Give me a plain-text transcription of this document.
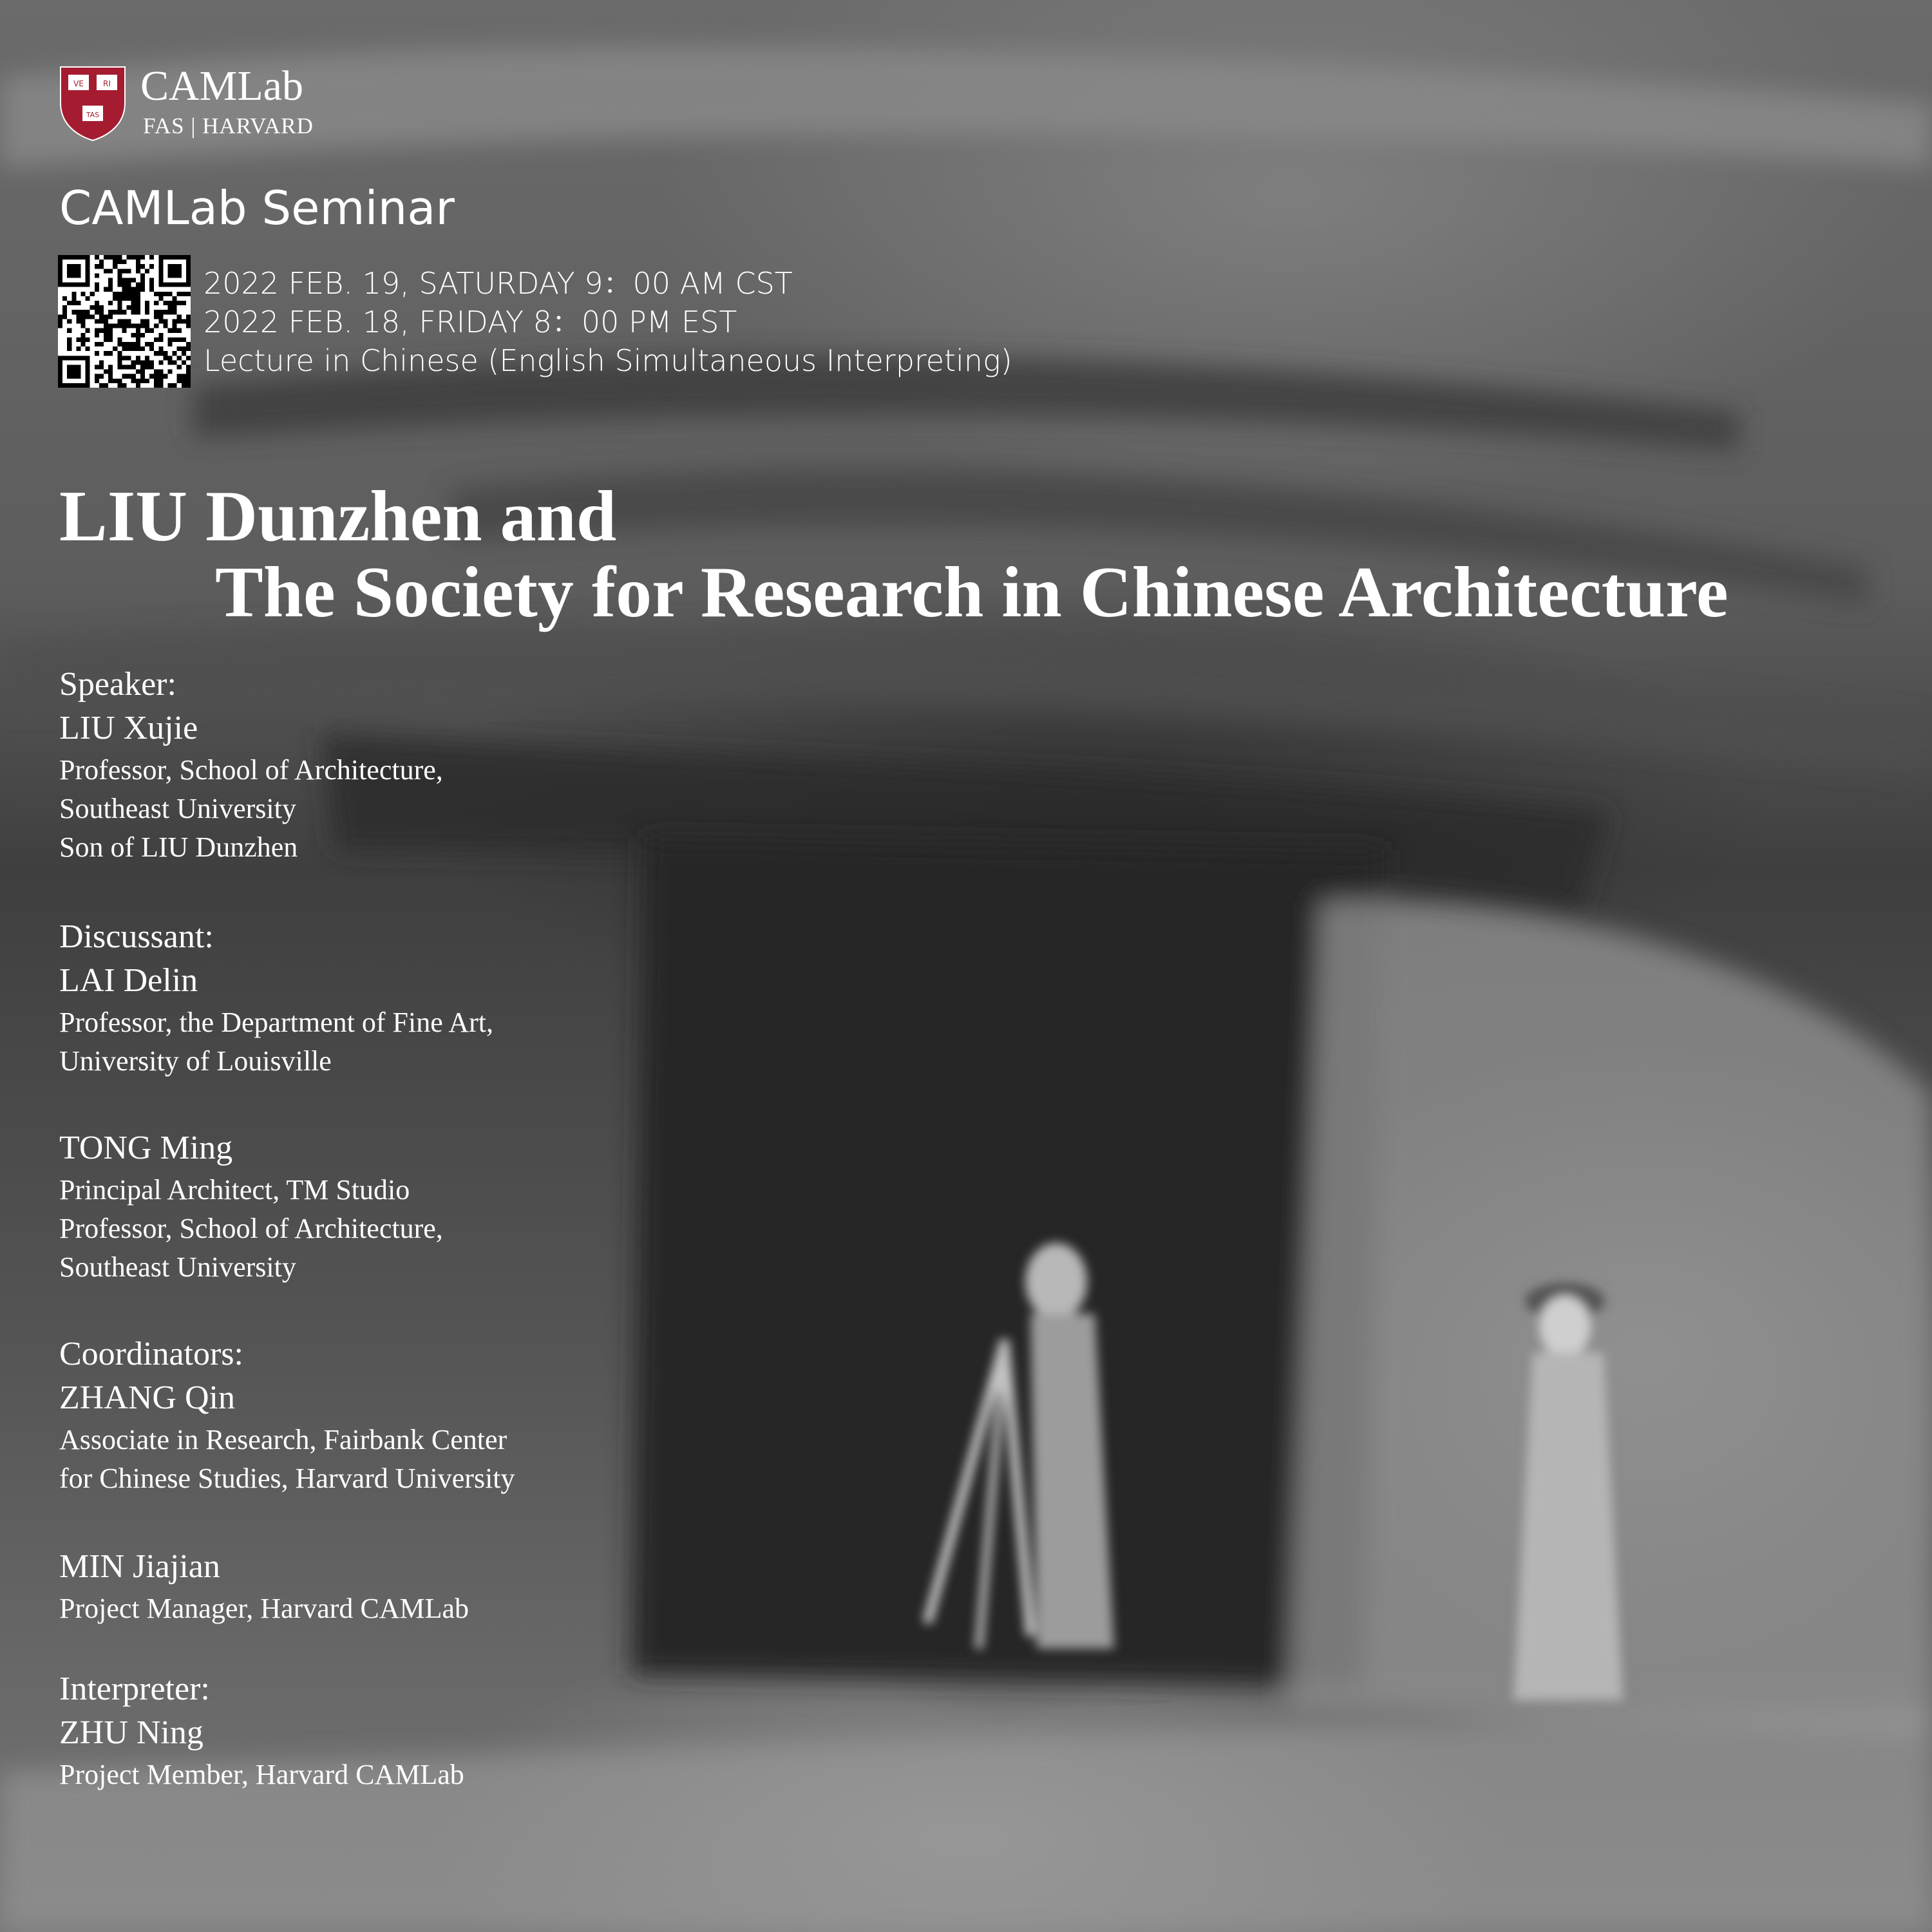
VE	RI
TAS
CAMLab
FAS | HARVARD
CAMLab Seminar
2022 FEB. 19, SATURDAY 9：00 AM CST
2022 FEB. 18, FRIDAY 8：00 PM EST
Lecture in Chinese (English Simultaneous Interpreting)
LIU Dunzhen and
The Society for Research in Chinese Architecture
Speaker:
LIU Xujie
Professor, School of Architecture,
Southeast University
Son of LIU Dunzhen
Discussant:
LAI Delin
Professor, the Department of Fine Art,
University of Louisville
TONG Ming
Principal Architect, TM Studio
Professor, School of Architecture,
Southeast University
Coordinators:
ZHANG Qin
Associate in Research, Fairbank Center
for Chinese Studies, Harvard University
MIN Jiajian
Project Manager, Harvard CAMLab
Interpreter:
ZHU Ning
Project Member, Harvard CAMLab
